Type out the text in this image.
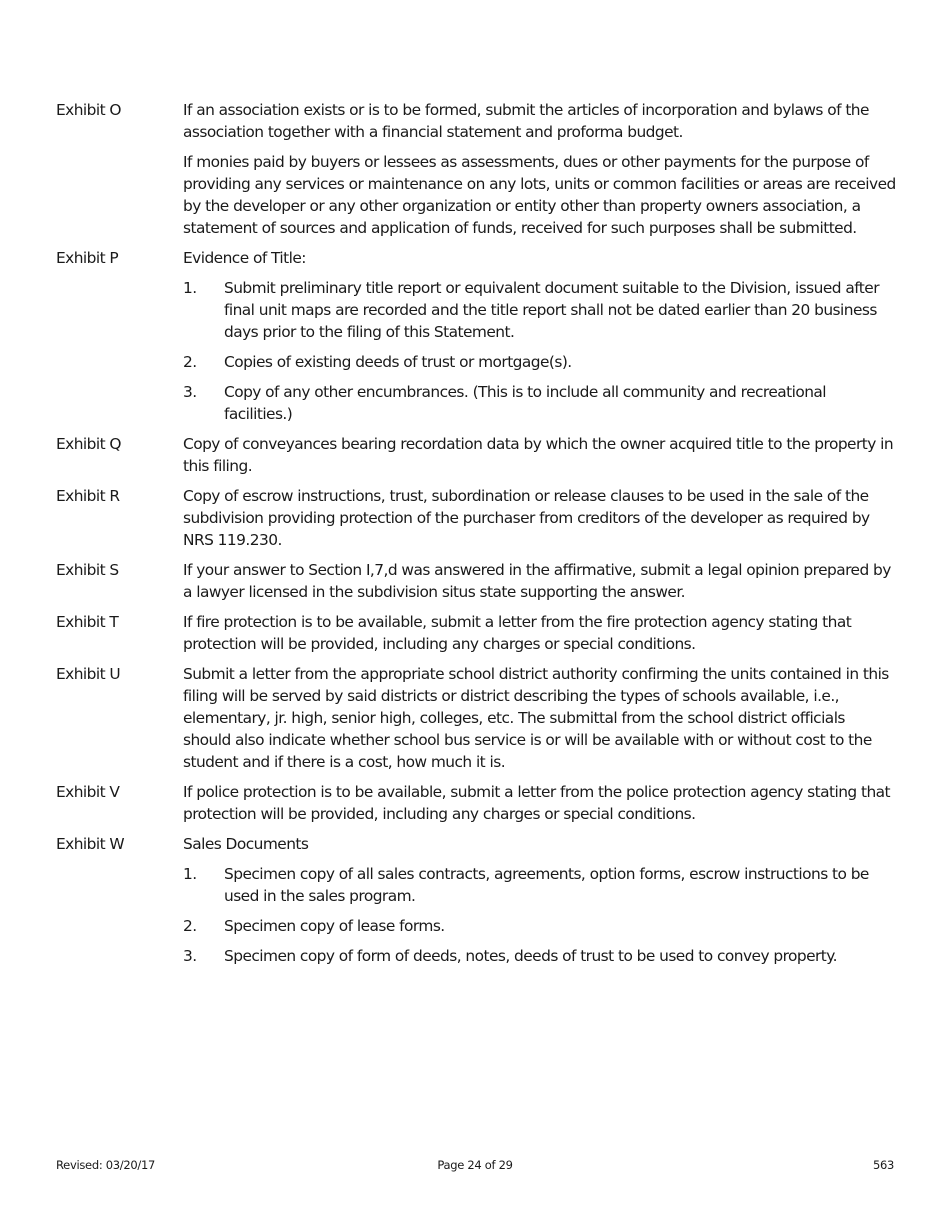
Exhibit O	If an association exists or is to be formed, submit the articles of incorporation and bylaws of the association together with a financial statement and proforma budget.

If monies paid by buyers or lessees as assessments, dues or other payments for the purpose of providing any services or maintenance on any lots, units or common facilities or areas are received by the developer or any other organization or entity other than property owners association, a statement of sources and application of funds, received for such purposes shall be submitted.

Exhibit P	Evidence of Title:

1.	Submit preliminary title report or equivalent document suitable to the Division, issued after final unit maps are recorded and the title report shall not be dated earlier than 20 business days prior to the filing of this Statement.
2.	Copies of existing deeds of trust or mortgage(s).
3.	Copy of any other encumbrances. (This is to include all community and recreational facilities.)
Exhibit Q	Copy of conveyances bearing recordation data by which the owner acquired title to the property in this filing.

Exhibit R	Copy of escrow instructions, trust, subordination or release clauses to be used in the sale of the subdivision providing protection of the purchaser from creditors of the developer as required by NRS 119.230.

Exhibit S	If your answer to Section I,7,d was answered in the affirmative, submit a legal opinion prepared by a lawyer licensed in the subdivision situs state supporting the answer.

Exhibit T	If fire protection is to be available, submit a letter from the fire protection agency stating that protection will be provided, including any charges or special conditions.

Exhibit U	Submit a letter from the appropriate school district authority confirming the units contained in this filing will be served by said districts or district describing the types of schools available, i.e., elementary, jr. high, senior high, colleges, etc. The submittal from the school district officials should also indicate whether school bus service is or will be available with or without cost to the student and if there is a cost, how much it is.

Exhibit V	If police protection is to be available, submit a letter from the police protection agency stating that protection will be provided, including any charges or special conditions.

Exhibit W	Sales Documents

1.	Specimen copy of all sales contracts, agreements, option forms, escrow instructions to be used in the sales program.
2.	Specimen copy of lease forms.
3.	Specimen copy of form of deeds, notes, deeds of trust to be used to convey property.
Revised: 03/20/17	Page 24 of 29	563
